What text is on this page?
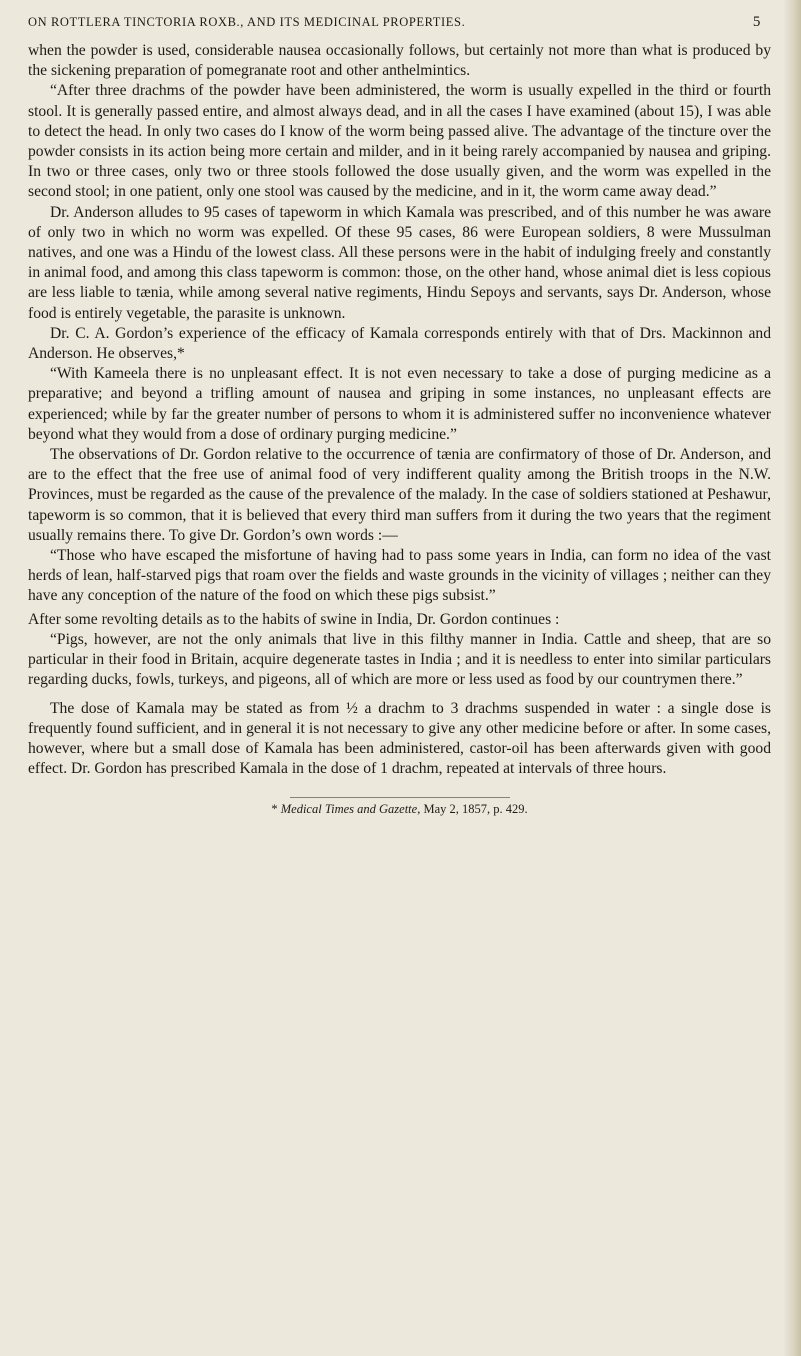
ON ROTTLERA TINCTORIA ROXB., AND ITS MEDICINAL PROPERTIES.	5

when the powder is used, considerable nausea occasionally follows, but certainly not more than what is produced by the sickening preparation of pomegranate root and other anthelmintics.

“After three drachms of the powder have been administered, the worm is usually expelled in the third or fourth stool. It is generally passed entire, and almost always dead, and in all the cases I have examined (about 15), I was able to detect the head. In only two cases do I know of the worm being passed alive. The advantage of the tincture over the powder consists in its action being more certain and milder, and in it being rarely accompanied by nausea and griping. In two or three cases, only two or three stools followed the dose usually given, and the worm was expelled in the second stool; in one patient, only one stool was caused by the medicine, and in it, the worm came away dead.”

Dr. Anderson alludes to 95 cases of tapeworm in which Kamala was prescribed, and of this number he was aware of only two in which no worm was expelled. Of these 95 cases, 86 were European soldiers, 8 were Mussulman natives, and one was a Hindu of the lowest class. All these persons were in the habit of indulging freely and constantly in animal food, and among this class tapeworm is common: those, on the other hand, whose animal diet is less copious are less liable to tænia, while among several native regiments, Hindu Sepoys and servants, says Dr. Anderson, whose food is entirely vegetable, the parasite is unknown.

Dr. C. A. Gordon’s experience of the efficacy of Kamala corresponds entirely with that of Drs. Mackinnon and Anderson. He observes,*

“With Kameela there is no unpleasant effect. It is not even necessary to take a dose of purging medicine as a preparative; and beyond a trifling amount of nausea and griping in some instances, no unpleasant effects are experienced; while by far the greater number of persons to whom it is administered suffer no inconvenience whatever beyond what they would from a dose of ordinary purging medicine.”

The observations of Dr. Gordon relative to the occurrence of tænia are confirmatory of those of Dr. Anderson, and are to the effect that the free use of animal food of very indifferent quality among the British troops in the N.W. Provinces, must be regarded as the cause of the prevalence of the malady. In the case of soldiers stationed at Peshawur, tapeworm is so common, that it is believed that every third man suffers from it during the two years that the regiment usually remains there. To give Dr. Gordon’s own words :—

“Those who have escaped the misfortune of having had to pass some years in India, can form no idea of the vast herds of lean, half-starved pigs that roam over the fields and waste grounds in the vicinity of villages ; neither can they have any conception of the nature of the food on which these pigs subsist.”

After some revolting details as to the habits of swine in India, Dr. Gordon continues :

“Pigs, however, are not the only animals that live in this filthy manner in India. Cattle and sheep, that are so particular in their food in Britain, acquire degenerate tastes in India ; and it is needless to enter into similar particulars regarding ducks, fowls, turkeys, and pigeons, all of which are more or less used as food by our countrymen there.”

The dose of Kamala may be stated as from ½ a drachm to 3 drachms suspended in water : a single dose is frequently found sufficient, and in general it is not necessary to give any other medicine before or after. In some cases, however, where but a small dose of Kamala has been administered, castor-oil has been afterwards given with good effect. Dr. Gordon has prescribed Kamala in the dose of 1 drachm, repeated at intervals of three hours.

* Medical Times and Gazette, May 2, 1857, p. 429.
